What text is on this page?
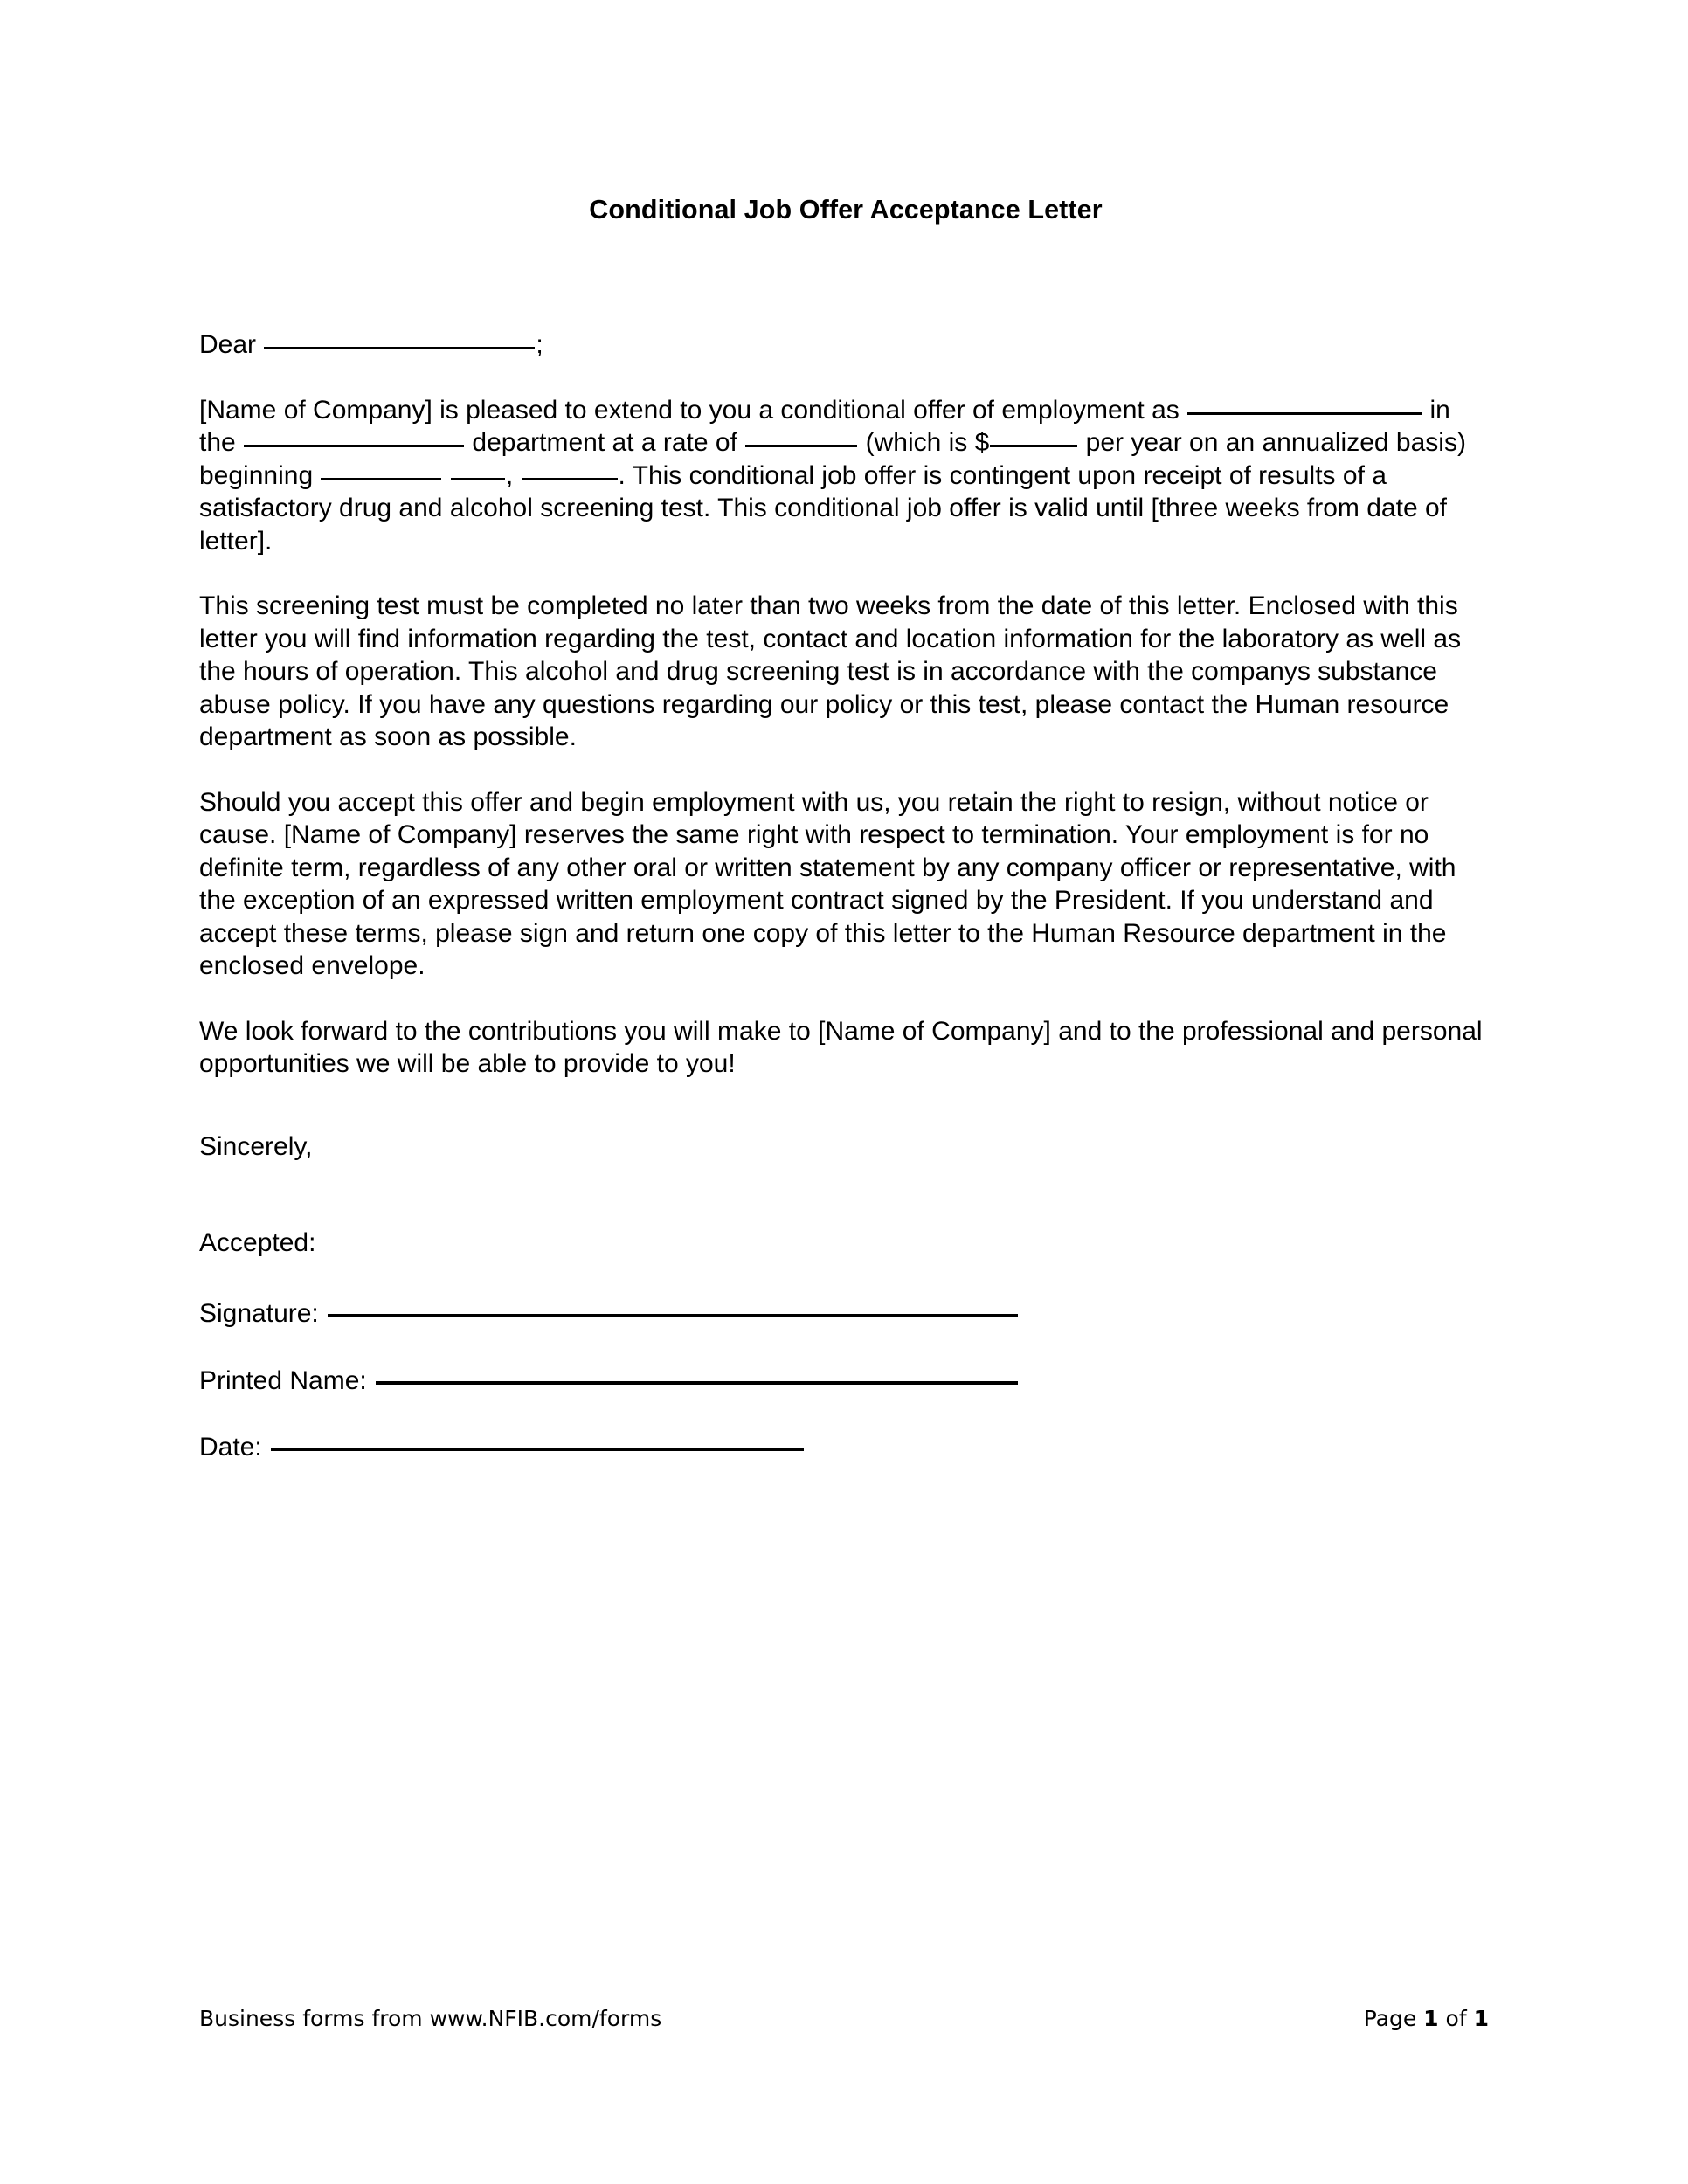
Conditional Job Offer Acceptance Letter

Dear	;

[Name of Company] is pleased to extend to you a conditional offer of employment as	in the	department at a rate of	(which is $	per year on an annualized basis) beginning	,	. This conditional job offer is contingent upon receipt of results of a satisfactory drug and alcohol screening test. This conditional job offer is valid until [three weeks from date of letter].

This screening test must be completed no later than two weeks from the date of this letter. Enclosed with this letter you will find information regarding the test, contact and location information for the laboratory as well as the hours of operation. This alcohol and drug screening test is in accordance with the companys substance abuse policy. If you have any questions regarding our policy or this test, please contact the Human resource department as soon as possible.

Should you accept this offer and begin employment with us, you retain the right to resign, without notice or cause. [Name of Company] reserves the same right with respect to termination. Your employment is for no definite term, regardless of any other oral or written statement by any company officer or representative, with the exception of an expressed written employment contract signed by the President. If you understand and accept these terms, please sign and return one copy of this letter to the Human Resource department in the enclosed envelope.

We look forward to the contributions you will make to [Name of Company] and to the professional and personal opportunities we will be able to provide to you!

Sincerely,
Accepted:
Signature:
Printed Name:
Date:
Business forms from www.NFIB.com/forms	Page 1 of 1
